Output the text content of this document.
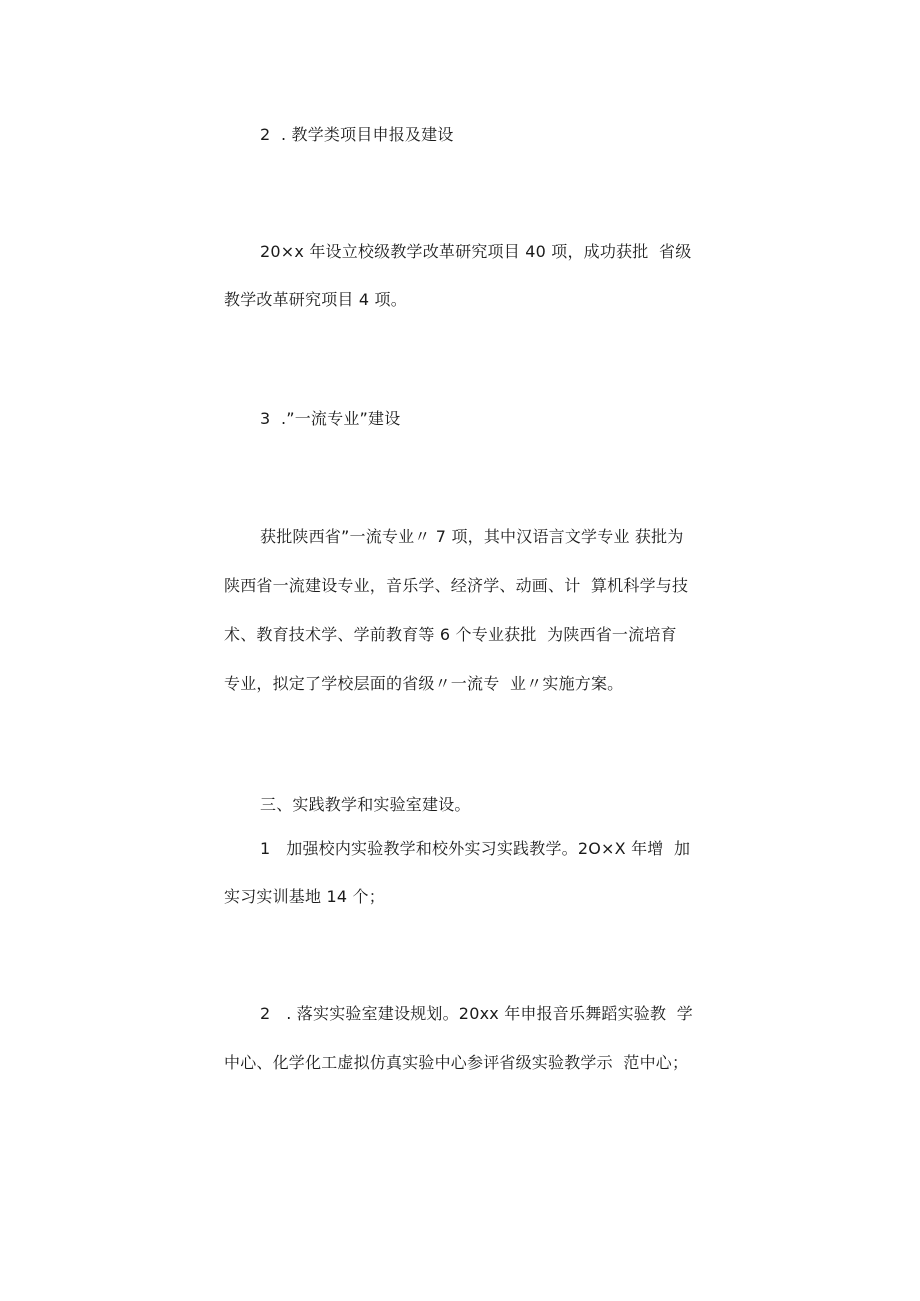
2  . 教学类项目申报及建设
20×x 年设立校级教学改革研究项目 40 项，成功获批  省级
教学改革研究项目 4 项。
3  .”一流专业”建设
获批陕西省”一流专业〃 7 项，其中汉语言文学专业 获批为
陕西省一流建设专业，音乐学、经济学、动画、计  算机科学与技
术、教育技术学、学前教育等 6 个专业获批  为陕西省一流培育
专业，拟定了学校层面的省级〃一流专  业〃实施方案。
三、实践教学和实验室建设。
1   加强校内实验教学和校外实习实践教学。2O×X 年增  加
实习实训基地 14 个；
2   . 落实实验室建设规划。20xx 年申报音乐舞蹈实验教  学
中心、化学化工虚拟仿真实验中心参评省级实验教学示  范中心；
